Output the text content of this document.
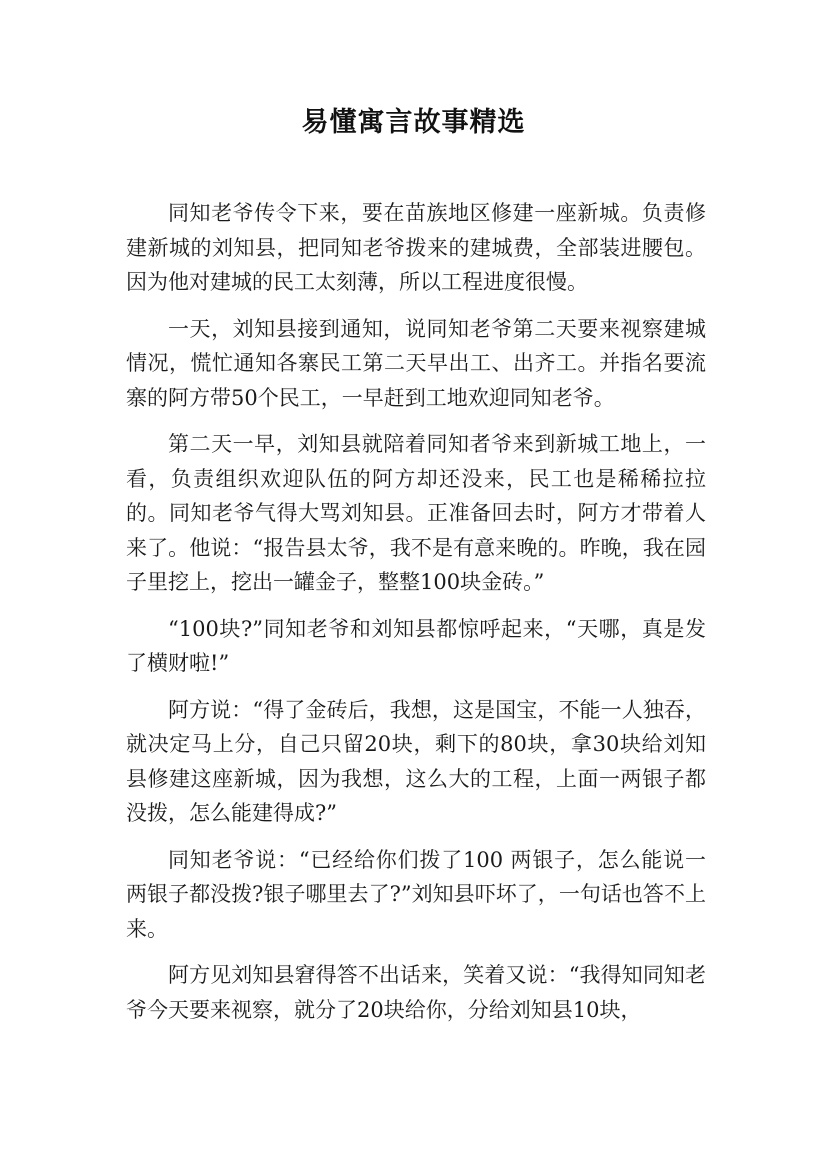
易懂寓言故事精选

同知老爷传令下来，要在苗族地区修建一座新城。负责修建新城的刘知县，把同知老爷拨来的建城费，全部装进腰包。因为他对建城的民工太刻薄，所以工程进度很慢。

一天，刘知县接到通知，说同知老爷第二天要来视察建城情况，慌忙通知各寨民工第二天早出工、出齐工。并指名要流寨的阿方带50个民工，一早赶到工地欢迎同知老爷。

第二天一早，刘知县就陪着同知者爷来到新城工地上，一看，负责组织欢迎队伍的阿方却还没来，民工也是稀稀拉拉的。同知老爷气得大骂刘知县。正准备回去时，阿方才带着人来了。他说：“报告县太爷，我不是有意来晚的。昨晚，我在园子里挖上，挖出一罐金子，整整100块金砖。”

“100块?”同知老爷和刘知县都惊呼起来，“天哪，真是发了横财啦!”

阿方说：“得了金砖后，我想，这是国宝，不能一人独吞，就决定马上分，自己只留20块，剩下的80块，拿30块给刘知县修建这座新城，因为我想，这么大的工程，上面一两银子都没拨，怎么能建得成?”

同知老爷说：“已经给你们拨了100 两银子，怎么能说一两银子都没拨?银子哪里去了?”刘知县吓坏了，一句话也答不上来。

阿方见刘知县窘得答不出话来，笑着又说：“我得知同知老爷今天要来视察，就分了20块给你，分给刘知县10块，
